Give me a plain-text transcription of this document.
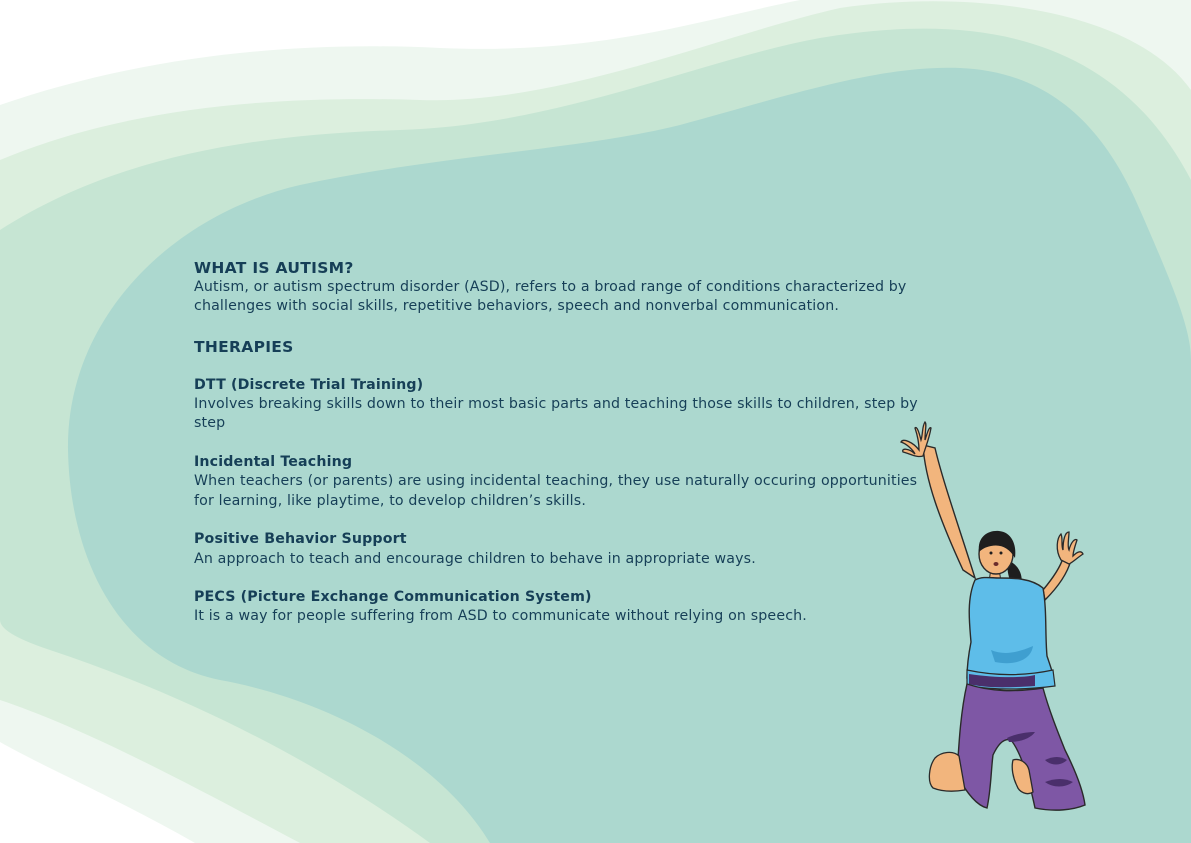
WHAT IS AUTISM?

Autism, or autism spectrum disorder (ASD), refers to a broad range of conditions characterized by challenges with social skills, repetitive behaviors, speech and nonverbal communication.

THERAPIES
DTT (Discrete Trial Training)

Involves breaking skills down to their most basic parts and teaching those skills to children, step by step

Incidental Teaching

When teachers (or parents) are using incidental teaching, they use naturally occuring opportunities for learning, like playtime, to develop children’s skills.

Positive Behavior Support

An approach to teach and encourage children to behave in appropriate ways.

PECS (Picture Exchange Communication System)

It is a way for people suffering from ASD to communicate without relying on speech.
